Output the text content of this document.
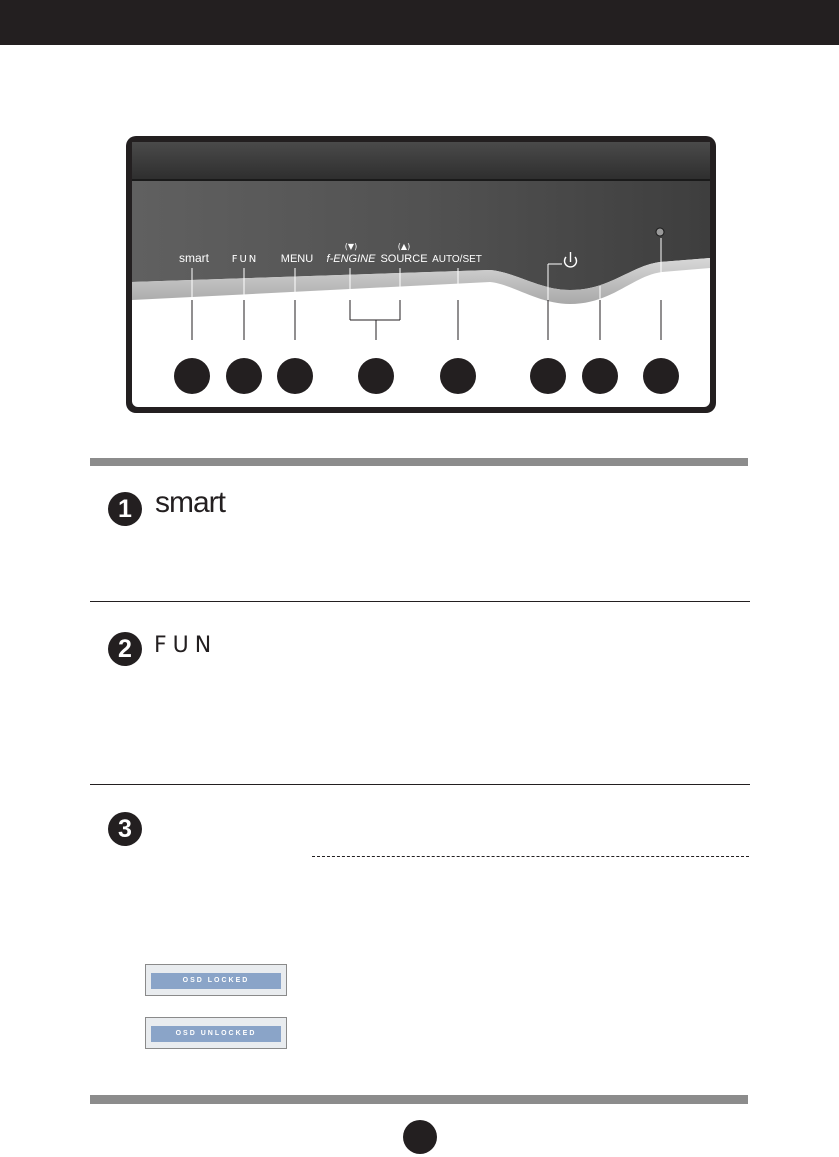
smart FUN MENU
(▼)
f-ENGINE
(▲)
SOURCE AUTO/SET
1 smart
2	FUN
3
OSD LOCKED
OSD UNLOCKED
